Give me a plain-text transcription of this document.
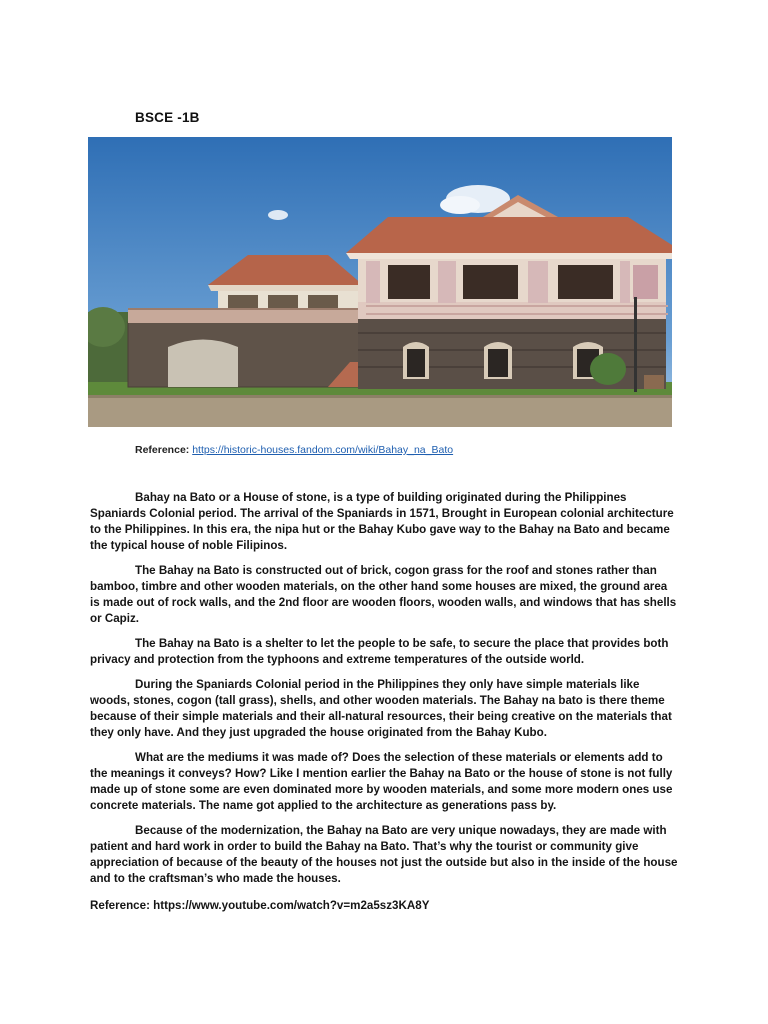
BSCE -1B
Reference: https://historic-houses.fandom.com/wiki/Bahay_na_Bato

Bahay na Bato or a House of stone, is a type of building originated during the Philippines Spaniards Colonial period. The arrival of the Spaniards in 1571, Brought in European colonial architecture to the Philippines. In this era, the nipa hut or the Bahay Kubo gave way to the Bahay na Bato and became the typical house of noble Filipinos.

The Bahay na Bato is constructed out of brick, cogon grass for the roof and stones rather than bamboo, timbre and other wooden materials, on the other hand some houses are mixed, the ground area is made out of rock walls, and the 2nd floor are wooden floors, wooden walls, and windows that has shells or Capiz.

The Bahay na Bato is a shelter to let the people to be safe, to secure the place that provides both privacy and protection from the typhoons and extreme temperatures of the outside world.

During the Spaniards Colonial period in the Philippines they only have simple materials like woods, stones, cogon (tall grass), shells, and other wooden materials. The Bahay na bato is there theme because of their simple materials and their all-natural resources, their being creative on the materials that they only have. And they just upgraded the house originated from the Bahay Kubo.

What are the mediums it was made of? Does the selection of these materials or elements add to the meanings it conveys? How? Like I mention earlier the Bahay na Bato or the house of stone is not fully made up of stone some are even dominated more by wooden materials, and some more modern ones use concrete materials. The name got applied to the architecture as generations pass by.

Because of the modernization, the Bahay na Bato are very unique nowadays, they are made with patient and hard work in order to build the Bahay na Bato. That’s why the tourist or community give appreciation of because of the beauty of the houses not just the outside but also in the inside of the house and to the craftsman’s who made the houses.

Reference: https://www.youtube.com/watch?v=m2a5sz3KA8Y
